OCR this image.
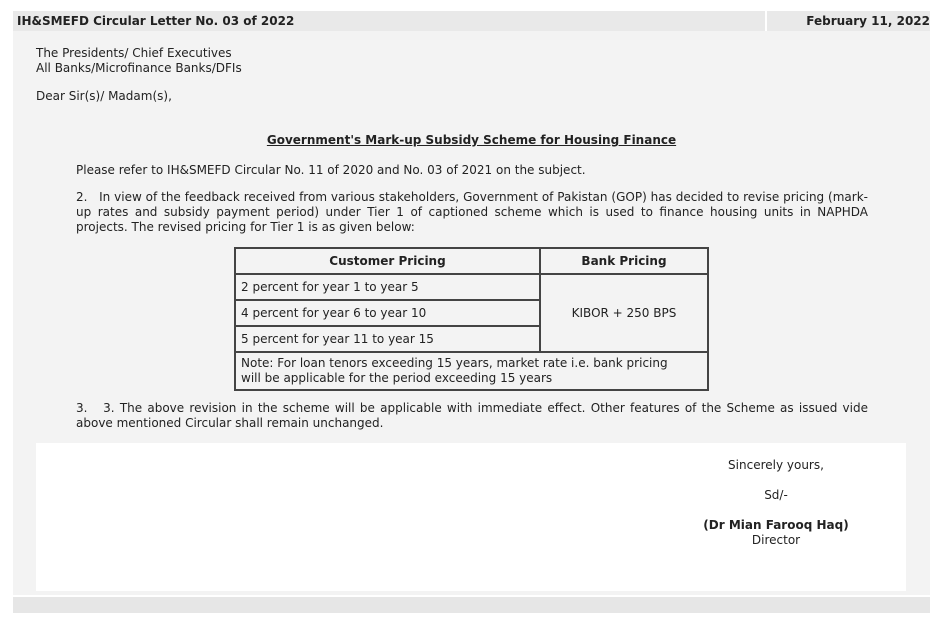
IH&SMEFD Circular Letter No. 03 of 2022	February 11, 2022
The Presidents/ Chief Executives
All Banks/Microfinance Banks/DFIs
Dear Sir(s)/ Madam(s),
Government's Mark-up Subsidy Scheme for Housing Finance
Please refer to IH&SMEFD Circular No. 11 of 2020 and No. 03 of 2021 on the subject.
2.   In view of the feedback received from various stakeholders, Government of Pakistan (GOP) has decided to revise pricing (mark-up rates and subsidy payment period) under Tier 1 of captioned scheme which is used to finance housing units in NAPHDA projects. The revised pricing for Tier 1 is as given below:
Customer Pricing	Bank Pricing
2 percent for year 1 to year 5	KIBOR + 250 BPS
4 percent for year 6 to year 10	
5 percent for year 11 to year 15	
Note: For loan tenors exceeding 15 years, market rate i.e. bank pricing will be applicable for the period exceeding 15 years	
3.   3. The above revision in the scheme will be applicable with immediate effect. Other features of the Scheme as issued vide above mentioned Circular shall remain unchanged.
Sincerely yours,
Sd/-
(Dr Mian Farooq Haq)
Director
